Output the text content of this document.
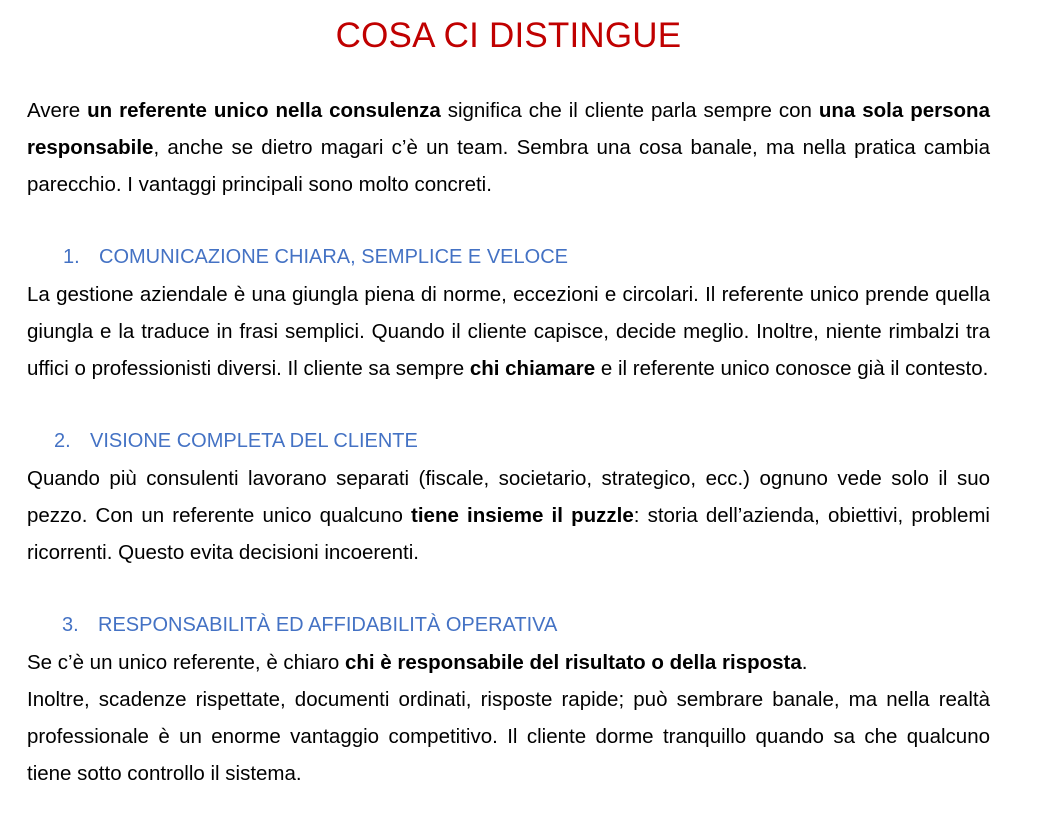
COSA CI DISTINGUE

Avere un referente unico nella consulenza significa che il cliente parla sempre con una sola persona responsabile, anche se dietro magari c’è un team. Sembra una cosa banale, ma nella pratica cambia parecchio. I vantaggi principali sono molto concreti.

1. COMUNICAZIONE CHIARA, SEMPLICE E VELOCE

La gestione aziendale è una giungla piena di norme, eccezioni e circolari. Il referente unico prende quella giungla e la traduce in frasi semplici. Quando il cliente capisce, decide meglio. Inoltre, niente rimbalzi tra uffici o professionisti diversi. Il cliente sa sempre chi chiamare e il referente unico conosce già il contesto.

2. VISIONE COMPLETA DEL CLIENTE

Quando più consulenti lavorano separati (fiscale, societario, strategico, ecc.) ognuno vede solo il suo pezzo. Con un referente unico qualcuno tiene insieme il puzzle: storia dell’azienda, obiettivi, problemi ricorrenti. Questo evita decisioni incoerenti.

3. RESPONSABILITÀ ED AFFIDABILITÀ OPERATIVA

Se c’è un unico referente, è chiaro chi è responsabile del risultato o della risposta.

Inoltre, scadenze rispettate, documenti ordinati, risposte rapide; può sembrare banale, ma nella realtà professionale è un enorme vantaggio competitivo. Il cliente dorme tranquillo quando sa che qualcuno tiene sotto controllo il sistema.
